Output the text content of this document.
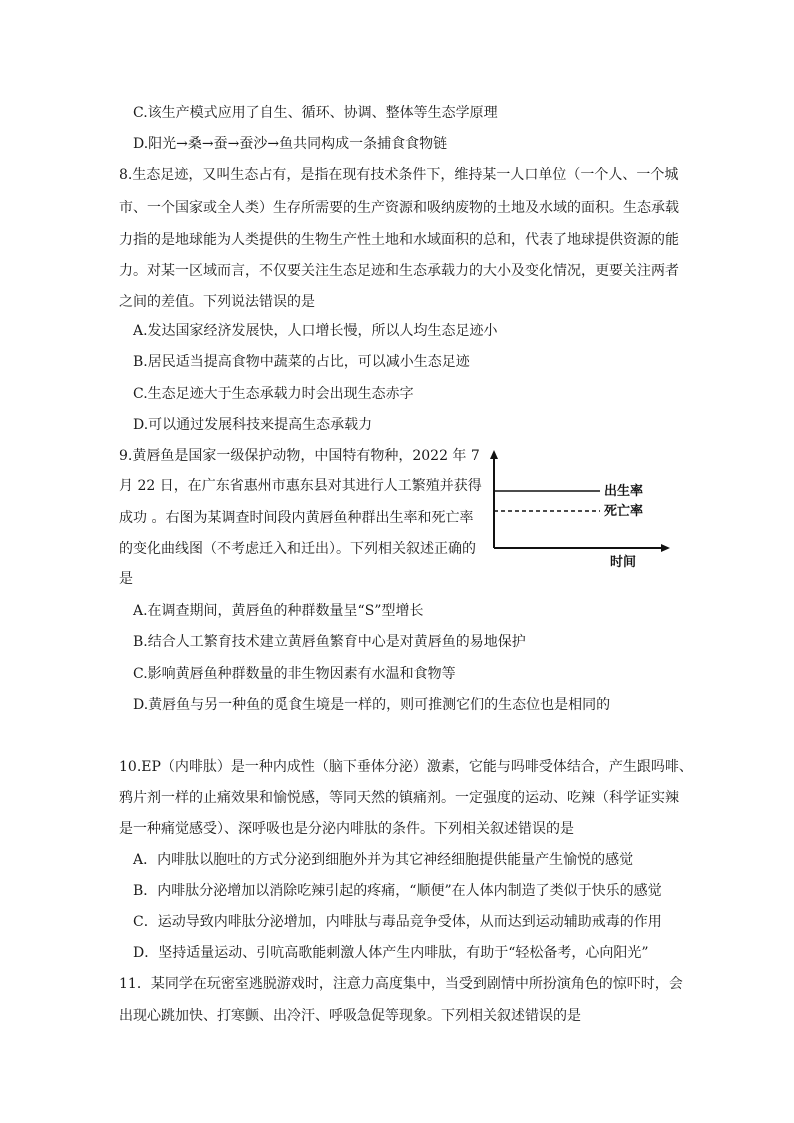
C.该生产模式应用了自生、循环、协调、整体等生态学原理
D.阳光→桑→蚕→蚕沙→鱼共同构成一条捕食食物链
8.生态足迹，又叫生态占有，是指在现有技术条件下，维持某一人口单位（一个人、一个城
市、一个国家或全人类）生存所需要的生产资源和吸纳废物的土地及水域的面积。生态承载
力指的是地球能为人类提供的生物生产性土地和水域面积的总和，代表了地球提供资源的能
力。对某一区域而言，不仅要关注生态足迹和生态承载力的大小及变化情况，更要关注两者
之间的差值。下列说法错误的是
A.发达国家经济发展快，人口增长慢，所以人均生态足迹小
B.居民适当提高食物中蔬菜的占比，可以减小生态足迹
C.生态足迹大于生态承载力时会出现生态赤字
D.可以通过发展科技来提高生态承载力
9.黄唇鱼是国家一级保护动物，中国特有物种，2022 年 7
月 22 日，在广东省惠州市惠东县对其进行人工繁殖并获得
成功 。右图为某调查时间段内黄唇鱼种群出生率和死亡率
的变化曲线图（不考虑迁入和迁出）。下列相关叙述正确的
是
出生率
死亡率
时间
A.在调查期间，黄唇鱼的种群数量呈“S”型增长
B.结合人工繁育技术建立黄唇鱼繁育中心是对黄唇鱼的易地保护
C.影响黄唇鱼种群数量的非生物因素有水温和食物等
D.黄唇鱼与另一种鱼的觅食生境是一样的，则可推测它们的生态位也是相同的
10.EP（内啡肽）是一种内成性（脑下垂体分泌）激素，它能与吗啡受体结合，产生跟吗啡、
鸦片剂一样的止痛效果和愉悦感，等同天然的镇痛剂。一定强度的运动、吃辣（科学证实辣
是一种痛觉感受）、深呼吸也是分泌内啡肽的条件。下列相关叙述错误的是
A．内啡肽以胞吐的方式分泌到细胞外并为其它神经细胞提供能量产生愉悦的感觉
B．内啡肽分泌增加以消除吃辣引起的疼痛，“顺便”在人体内制造了类似于快乐的感觉
C．运动导致内啡肽分泌增加，内啡肽与毒品竞争受体，从而达到运动辅助戒毒的作用
D．坚持适量运动、引吭高歌能刺激人体产生内啡肽，有助于“轻松备考，心向阳光”
11．某同学在玩密室逃脱游戏时，注意力高度集中，当受到剧情中所扮演角色的惊吓时，会
出现心跳加快、打寒颤、出冷汗、呼吸急促等现象。下列相关叙述错误的是
